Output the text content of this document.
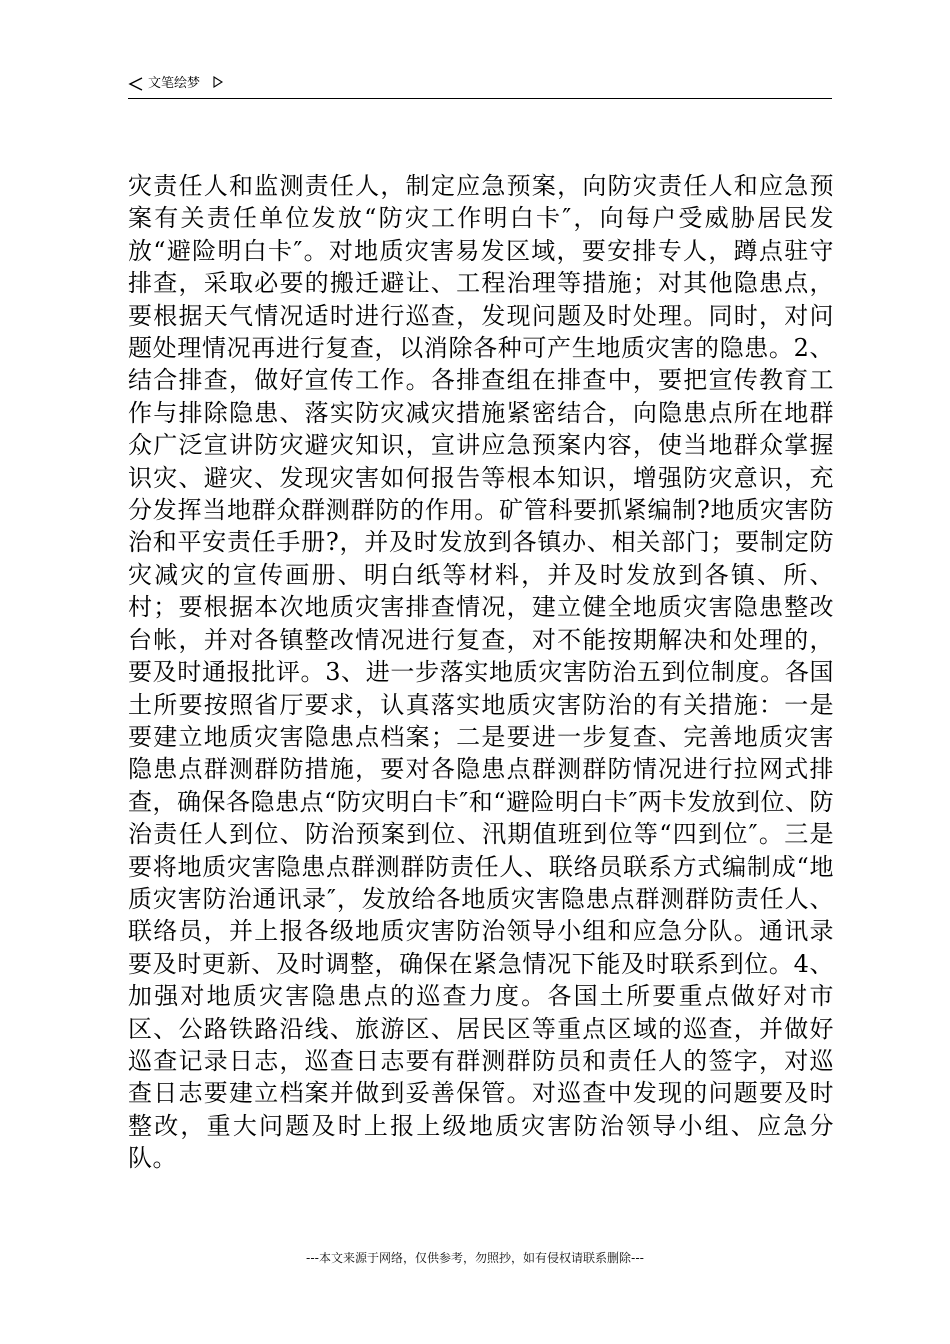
文笔绘梦

灾责任人和监测责任人，制定应急预案，向防灾责任人和应急预案有关责任单位发放“防灾工作明白卡″，向每户受威胁居民发放“避险明白卡″。对地质灾害易发区域，要安排专人，蹲点驻守排查，采取必要的搬迁避让、工程治理等措施；对其他隐患点，要根据天气情况适时进行巡查，发现问题及时处理。同时，对问题处理情况再进行复查，以消除各种可产生地质灾害的隐患。2、结合排查，做好宣传工作。各排查组在排查中，要把宣传教育工作与排除隐患、落实防灾减灾措施紧密结合，向隐患点所在地群众广泛宣讲防灾避灾知识，宣讲应急预案内容，使当地群众掌握识灾、避灾、发现灾害如何报告等根本知识，增强防灾意识，充分发挥当地群众群测群防的作用。矿管科要抓紧编制?地质灾害防治和平安责任手册?，并及时发放到各镇办、相关部门；要制定防灾减灾的宣传画册、明白纸等材料，并及时发放到各镇、所、村；要根据本次地质灾害排查情况，建立健全地质灾害隐患整改台帐，并对各镇整改情况进行复查，对不能按期解决和处理的，要及时通报批评。3、进一步落实地质灾害防治五到位制度。各国土所要按照省厅要求，认真落实地质灾害防治的有关措施：一是要建立地质灾害隐患点档案；二是要进一步复查、完善地质灾害隐患点群测群防措施，要对各隐患点群测群防情况进行拉网式排查，确保各隐患点“防灾明白卡″和“避险明白卡″两卡发放到位、防治责任人到位、防治预案到位、汛期值班到位等“四到位″。三是要将地质灾害隐患点群测群防责任人、联络员联系方式编制成“地质灾害防治通讯录″，发放给各地质灾害隐患点群测群防责任人、联络员，并上报各级地质灾害防治领导小组和应急分队。通讯录要及时更新、及时调整，确保在紧急情况下能及时联系到位。4、加强对地质灾害隐患点的巡查力度。各国土所要重点做好对市区、公路铁路沿线、旅游区、居民区等重点区域的巡查，并做好巡查记录日志，巡查日志要有群测群防员和责任人的签字，对巡查日志要建立档案并做到妥善保管。对巡查中发现的问题要及时整改，重大问题及时上报上级地质灾害防治领导小组、应急分队。

---本文来源于网络，仅供参考，勿照抄，如有侵权请联系删除---
